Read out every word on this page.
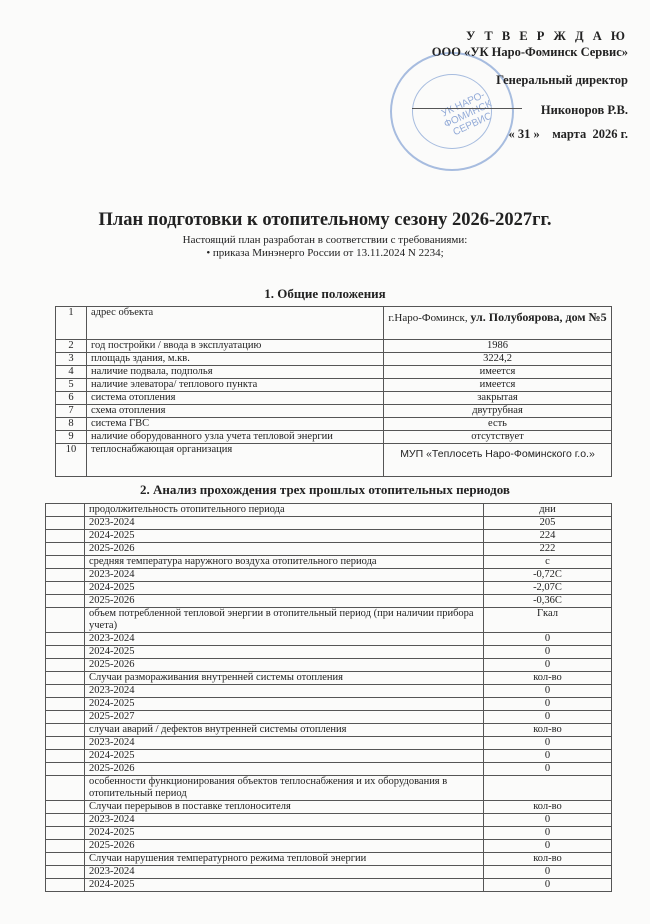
УК НАРО-ФОМИНСК СЕРВИС
У Т В Е Р Ж Д А Ю
ООО «УК Наро-Фоминск Сервис»
Генеральный директор
Никоноров Р.В.
« 31 »    марта  2026 г.
План подготовки к отопительному сезону 2026-2027гг.
Настоящий план разработан в соответствии с требованиями:
• приказа Минэнерго России от 13.11.2024 N 2234;
1. Общие положения
1	адрес объекта	г.Наро-Фоминск, ул. Полубоярова, дом №5
2	год постройки / ввода в эксплуатацию	1986
3	площадь здания, м.кв.	3224,2
4	наличие подвала, подполья	имеется
5	наличие элеватора/ теплового пункта	имеется
6	система отопления	закрытая
7	схема отопления	двутрубная
8	система ГВС	есть
9	наличие оборудованного узла учета тепловой энергии	отсутствует
10	теплоснабжающая организация	МУП «Теплосеть Наро-Фоминского г.о.»
2. Анализ прохождения трех прошлых отопительных периодов
	продолжительность отопительного периода	дни
	2023-2024	205
	2024-2025	224
	2025-2026	222
	средняя температура наружного воздуха отопительного периода	с
	2023-2024	-0,72С
	2024-2025	-2,07С
	2025-2026	-0,36С
	объем потребленной тепловой энергии в отопительный период (при наличии прибора учета)	Гкал
	2023-2024	0
	2024-2025	0
	2025-2026	0
	Случаи размораживания внутренней системы отопления	кол-во
	2023-2024	0
	2024-2025	0
	2025-2027	0
	случаи аварий / дефектов внутренней системы отопления	кол-во
	2023-2024	0
	2024-2025	0
	2025-2026	0
	особенности функционирования объектов теплоснабжения и их оборудования в отопительный период	
	Случаи перерывов в поставке теплоносителя	кол-во
	2023-2024	0
	2024-2025	0
	2025-2026	0
	Случаи нарушения температурного режима тепловой энергии	кол-во
	2023-2024	0
	2024-2025	0
